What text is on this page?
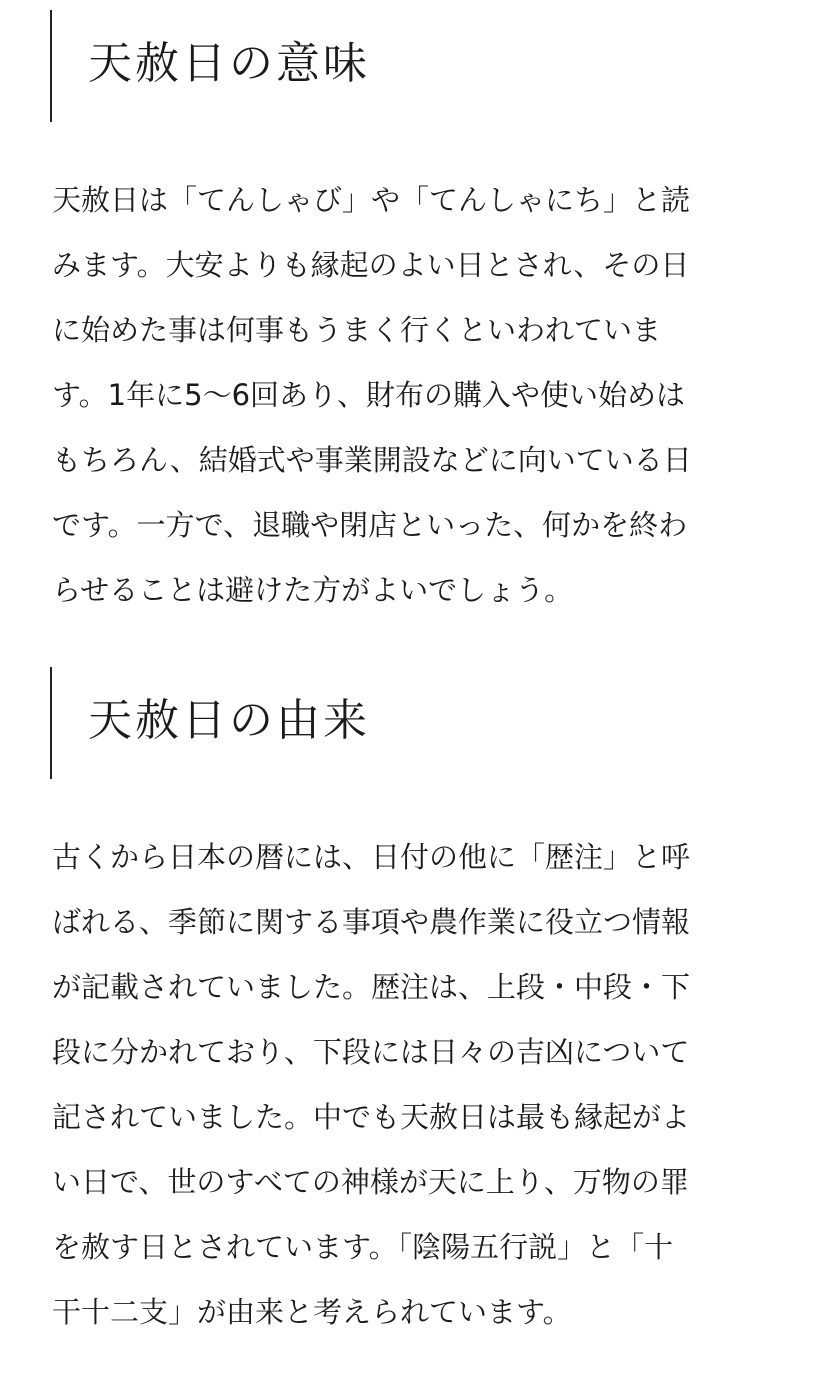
天赦日の意味

天赦日は「てんしゃび」や「てんしゃにち」と読
みます。大安よりも縁起のよい日とされ、その日
に始めた事は何事もうまく行くといわれていま
す。1年に5〜6回あり、財布の購入や使い始めは
もちろん、結婚式や事業開設などに向いている日
です。一方で、退職や閉店といった、何かを終わ
らせることは避けた方がよいでしょう。

天赦日の由来

古くから日本の暦には、日付の他に「歴注」と呼
ばれる、季節に関する事項や農作業に役立つ情報
が記載されていました。歴注は、上段・中段・下
段に分かれており、下段には日々の吉凶について
記されていました。中でも天赦日は最も縁起がよ
い日で、世のすべての神様が天に上り、万物の罪
を赦す日とされています。「陰陽五行説」と「十
干十二支」が由来と考えられています。
